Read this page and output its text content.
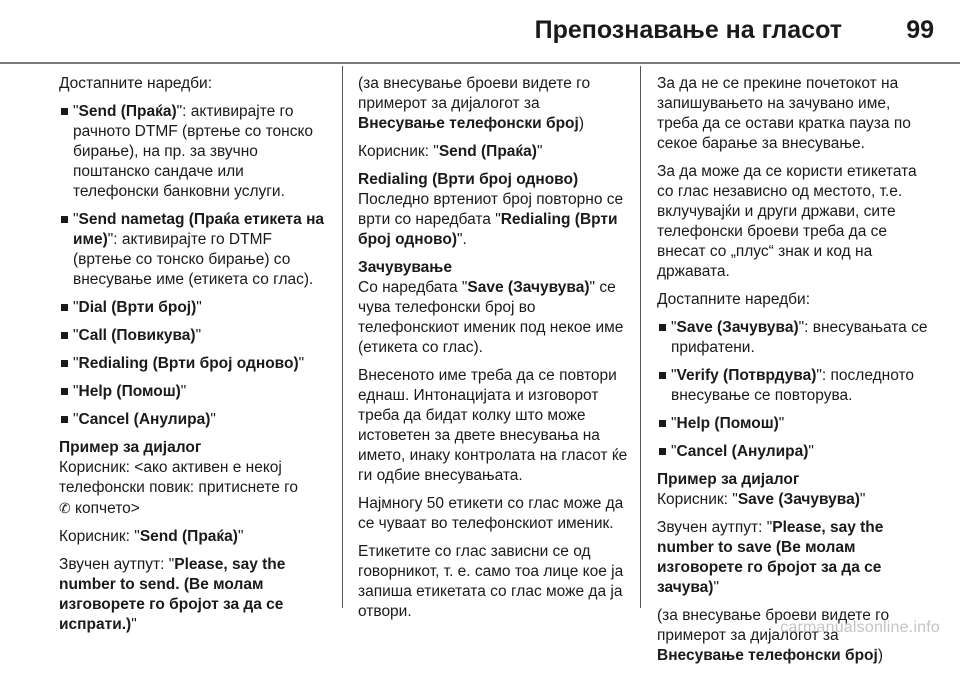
Препознавање на гласот	99

Достапните наредби:

"Send (Праќа)": активирајте го рачното DTMF (вртење со тонско бирање), на пр. за звучно поштанско сандаче или телефонски банковни услуги.
"Send nametag (Праќа етикета на име)": активирајте го DTMF (вртење со тонско бирање) со внесување име (етикета со глас).
"Dial (Врти број)"
"Call (Повикува)"
"Redialing (Врти број одново)"
"Help (Помош)"
"Cancel (Анулира)"

Пример за дијалог

Корисник: <ако активен е некој телефонски повик: притиснете го
✆ копчето>

Корисник: "Send (Праќа)"

Звучен аутпут: "Please, say the number to send. (Ве молам изговорете го бројот за да се испрати.)"

(за внесување броеви видете го примерот за дијалогот за Внесување телефонски број)

Корисник: "Send (Праќа)"

Redialing (Врти број одново)

Последно вртениот број повторно се врти со наредбата "Redialing (Врти број одново)".

Зачувување

Со наредбата "Save (Зачувува)" се чува телефонски број во телефонскиот именик под некое име (етикета со глас).

Внесеното име треба да се повтори еднаш. Интонацијата и изговорот треба да бидат колку што може истоветен за двете внесувања на името, инаку контролата на гласот ќе ги одбие внесувањата.

Најмногу 50 етикети со глас може да се чуваат во телефонскиот именик.

Етикетите со глас зависни се од говорникот, т. е. само тоа лице кое ја запиша етикетата со глас може да ја отвори.

За да не се прекине почетокот на запишувањето на зачувано име, треба да се остави кратка пауза по секое барање за внесување.

За да може да се користи етикетата со глас независно од местото, т.е. вклучувајќи и други држави, сите телефонски броеви треба да се внесат со „плус“ знак и код на државата.

Достапните наредби:

"Save (Зачувува)": внесувањата се прифатени.
"Verify (Потврдува)": последното внесување се повторува.
"Help (Помош)"
"Cancel (Анулира)"

Пример за дијалог

Корисник: "Save (Зачувува)"

Звучен аутпут: "Please, say the number to save (Ве молам изговорете го бројот за да се зачува)"

(за внесување броеви видете го примерот за дијалогот за Внесување телефонски број)

carmanualsonline.info
